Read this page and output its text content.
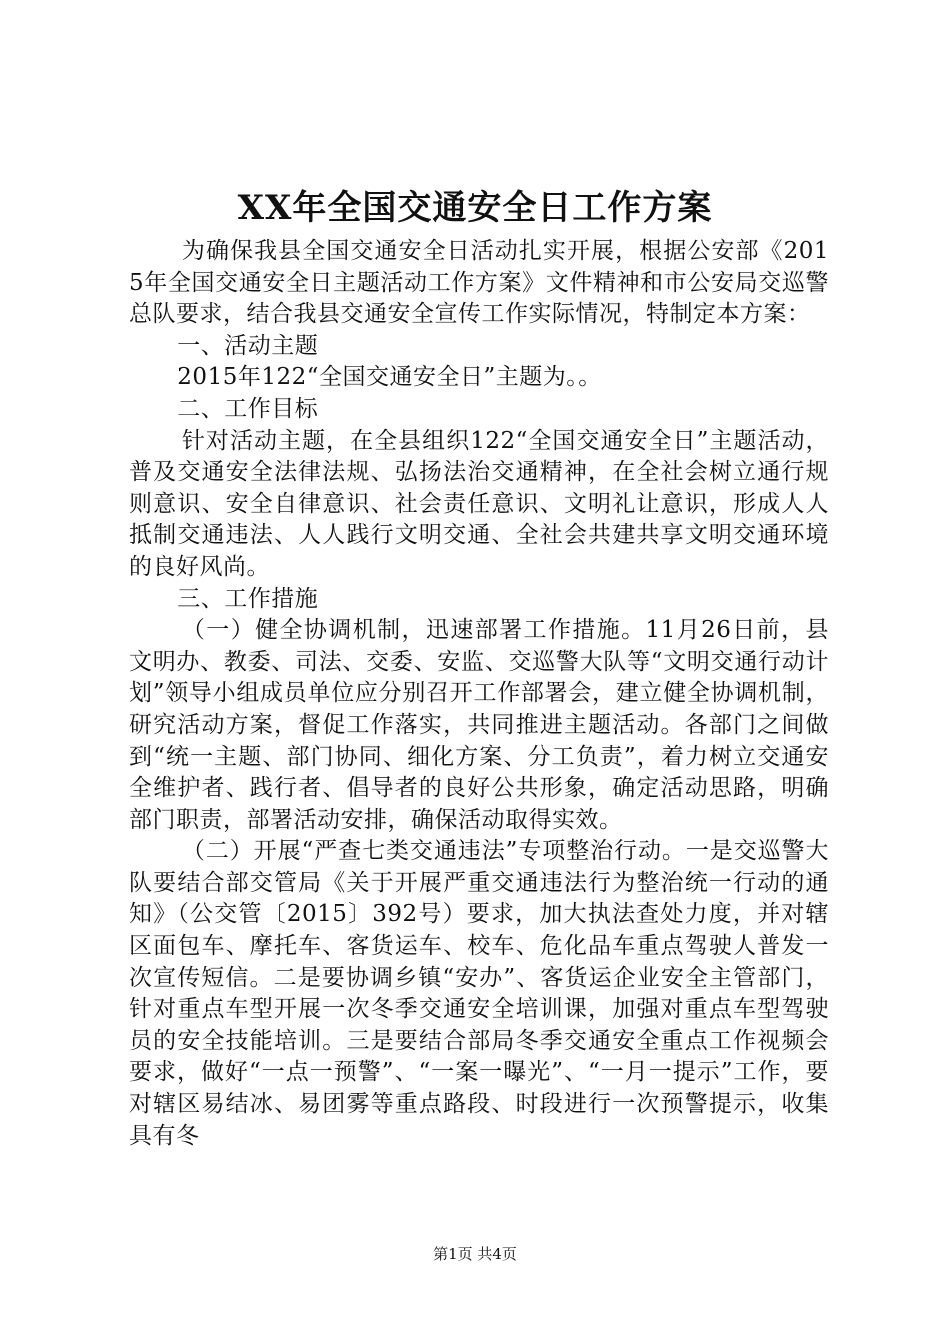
XX年全国交通安全日工作方案

为确保我县全国交通安全日活动扎实开展，根据公安部《2015年全国交通安全日主题活动工作方案》文件精神和市公安局交巡警总队要求，结合我县交通安全宣传工作实际情况，特制定本方案：

一、活动主题

2015年122“全国交通安全日”主题为。。

二、工作目标

针对活动主题，在全县组织122“全国交通安全日”主题活动，普及交通安全法律法规、弘扬法治交通精神，在全社会树立通行规则意识、安全自律意识、社会责任意识、文明礼让意识，形成人人抵制交通违法、人人践行文明交通、全社会共建共享文明交通环境的良好风尚。

三、工作措施

（一）健全协调机制，迅速部署工作措施。11月26日前，县文明办、教委、司法、交委、安监、交巡警大队等“文明交通行动计划”领导小组成员单位应分别召开工作部署会，建立健全协调机制，研究活动方案，督促工作落实，共同推进主题活动。各部门之间做到“统一主题、部门协同、细化方案、分工负责”，着力树立交通安全维护者、践行者、倡导者的良好公共形象，确定活动思路，明确部门职责，部署活动安排，确保活动取得实效。

（二）开展“严查七类交通违法”专项整治行动。一是交巡警大队要结合部交管局《关于开展严重交通违法行为整治统一行动的通知》（公交管〔2015〕392号）要求，加大执法查处力度，并对辖区面包车、摩托车、客货运车、校车、危化品车重点驾驶人普发一次宣传短信。二是要协调乡镇“安办”、客货运企业安全主管部门，针对重点车型开展一次冬季交通安全培训课，加强对重点车型驾驶员的安全技能培训。三是要结合部局冬季交通安全重点工作视频会要求，做好“一点一预警”、“一案一曝光”、“一月一提示”工作，要对辖区易结冰、易团雾等重点路段、时段进行一次预警提示，收集具有冬

第1页 共4页
